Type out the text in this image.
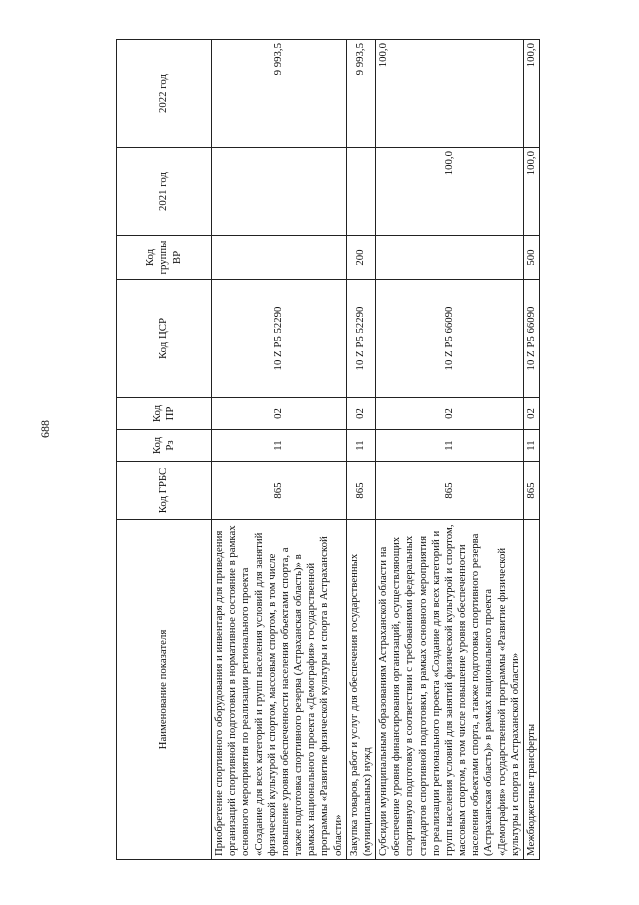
688
Наименование показателя	Код ГРБС	Код Рз	Код ПР	Код ЦСР	Код группы ВР	2021 год	2022 год
Приобретение спортивного оборудования и инвентаря для приведения организаций спортивной подготовки в нормативное состояние в рамках основного мероприятия по реализации регионального проекта «Создание для всех категорий и групп населения условий для занятий физической культурой и спортом, массовым спортом, в том числе повышение уровня обеспеченности населения объектами спорта, а также подготовка спортивного резерва (Астраханская область)» в рамках национального проекта «Демография» государственной программы «Развитие физической культуры и спорта в Астраханской области»	865	11	02	10 Z P5 52290			9 993,5
Закупка товаров, работ и услуг для обеспечения государственных (муниципальных) нужд	865	11	02	10 Z P5 52290	200		9 993,5
Субсидии муниципальным образованиям Астраханской области на обеспечение уровня финансирования организаций, осуществляющих спортивную подготовку в соответствии с требованиями федеральных стандартов спортивной подготовки, в рамках основного мероприятия по реализации регионального проекта «Создание для всех категорий и групп населения условий для занятий физической культурой и спортом, массовым спортом, в том числе повышение уровня обеспеченности населения объектами спорта, а также подготовка спортивного резерва (Астраханская область)» в рамках национального проекта «Демография» государственной программы «Развитие физической культуры и спорта в Астраханской области»	865	11	02	10 Z P5 66090		100,0	100,0
Межбюджетные трансферты	865	11	02	10 Z P5 66090	500	100,0	100,0
